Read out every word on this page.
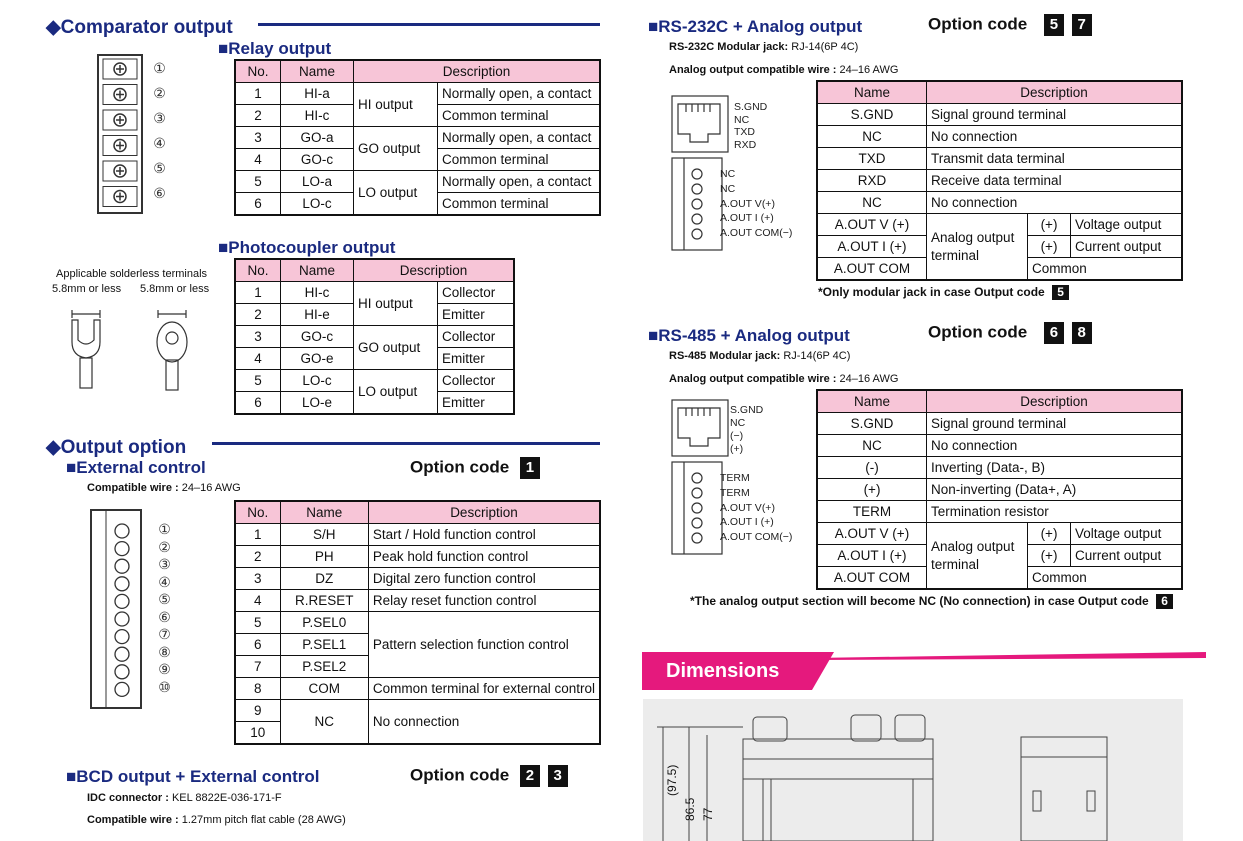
◆Comparator output
①
②
③
④
⑤
⑥
■Relay output
No.	Name	Description	
1	HI-a	HI output	Normally open, a contact
2	HI-c		Common terminal
3	GO-a	GO output	Normally open, a contact
4	GO-c		Common terminal
5	LO-a	LO output	Normally open, a contact
6	LO-c		Common terminal
■Photocoupler output
No.	Name	Description	
1	HI-c	HI output	Collector
2	HI-e		Emitter
3	GO-c	GO output	Collector
4	GO-e		Emitter
5	LO-c	LO output	Collector
6	LO-e		Emitter
Applicable solderless terminals
5.8mm or less 5.8mm or less
◆Output option
■External control	Option code 1
Compatible wire : 24–16 AWG
①
②
③
④
⑤
⑥
⑦
⑧
⑨
⑩
No.	Name	Description
1	S/H	Start / Hold function control
2	PH	Peak hold function control
3	DZ	Digital zero function control
4	R.RESET	Relay reset function control
5	P.SEL0	Pattern selection function control
6	P.SEL1	
7	P.SEL2	
8	COM	Common terminal for external control
9	NC	No connection
10		
■BCD output + External control	Option code 2 3
IDC connector : KEL 8822E-036-171-F
Compatible wire : 1.27mm pitch flat cable (28 AWG)
■RS-232C + Analog output	Option code 5 7
RS-232C Modular jack: RJ-14(6P 4C)
Analog output compatible wire : 24–16 AWG
S.GND
NC
TXD
RXD
NC
NC
A.OUT V(+)
A.OUT I (+)
A.OUT COM(−)
Name	Description		
S.GND	Signal ground terminal		
NC	No connection		
TXD	Transmit data terminal		
RXD	Receive data terminal		
NC	No connection		
A.OUT V (+)	Analog output terminal	(+)	Voltage output
A.OUT I (+)		(+)	Current output
A.OUT COM		Common	
*Only modular jack in case Output code 5
■RS-485 + Analog output	Option code 6 8
RS-485 Modular jack: RJ-14(6P 4C)
Analog output compatible wire : 24–16 AWG
S.GND
NC
(−)
(+)
TERM
TERM
A.OUT V(+)
A.OUT I (+)
A.OUT COM(−)
Name	Description		
S.GND	Signal ground terminal		
NC	No connection		
(-)	Inverting (Data-, B)		
(+)	Non-inverting (Data+, A)		
TERM	Termination resistor		
A.OUT V (+)	Analog output terminal	(+)	Voltage output
A.OUT I (+)		(+)	Current output
A.OUT COM		Common	
*The analog output section will become NC (No connection) in case Output code 6
Dimensions
(97.5)
86.5 77
